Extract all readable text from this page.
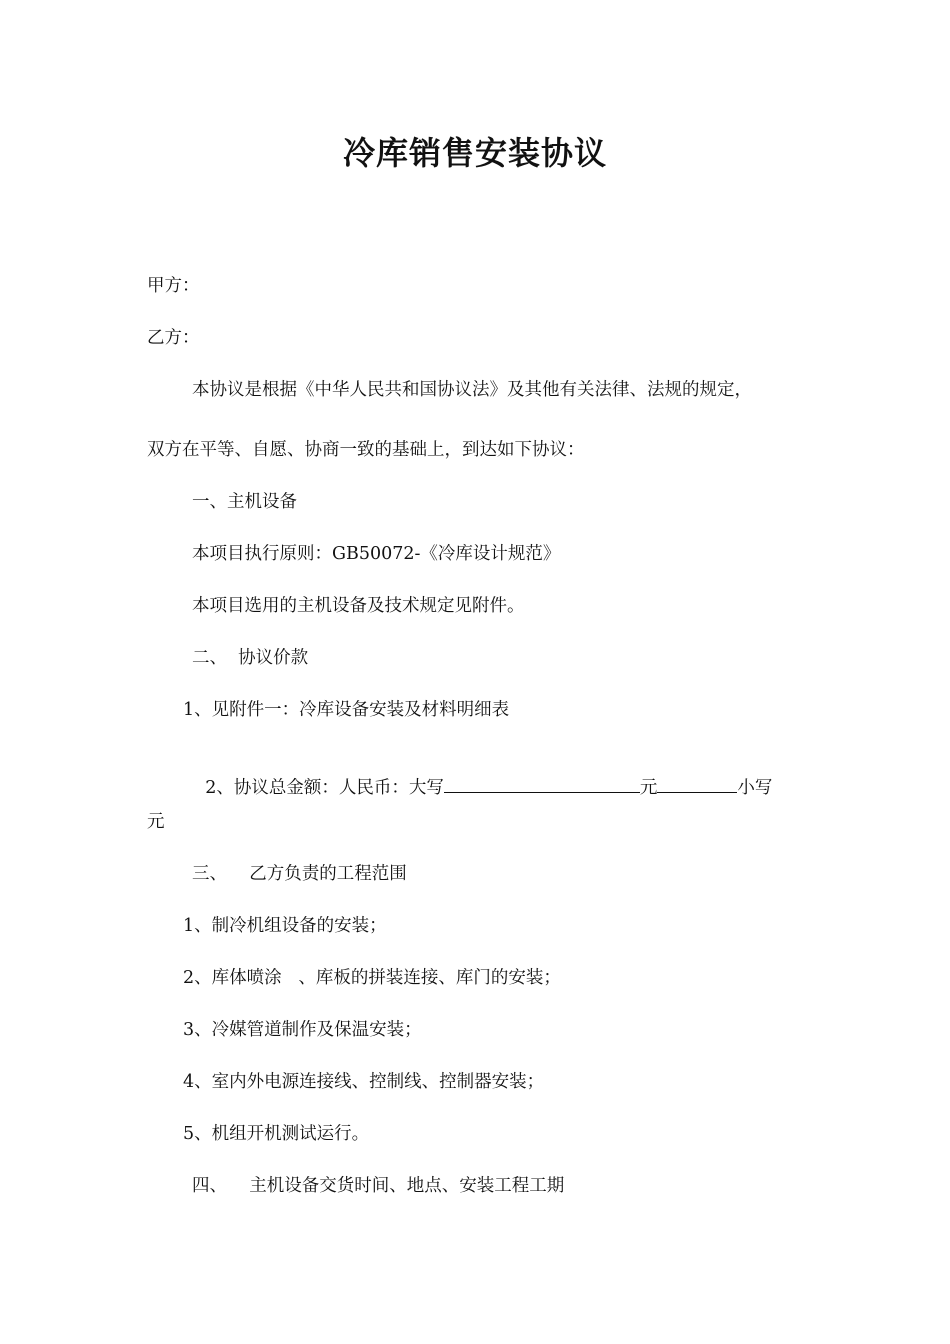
冷库销售安装协议
甲方：
乙方：
本协议是根据《中华人民共和国协议法》及其他有关法律、法规的规定，
双方在平等、自愿、协商一致的基础上，到达如下协议：
一、主机设备
本项目执行原则：GB50072-《冷库设计规范》
本项目选用的主机设备及技术规定见附件。
二、  协议价款
1、见附件一：冷库设备安装及材料明细表

2、协议总金额：人民币：大写	元	小写

元
三、    乙方负责的工程范围
1、制冷机组设备的安装；
2、库体喷涂   、库板的拼装连接、库门的安装；
3、冷媒管道制作及保温安装；
4、室内外电源连接线、控制线、控制器安装；
5、机组开机测试运行。
四、    主机设备交货时间、地点、安装工程工期
